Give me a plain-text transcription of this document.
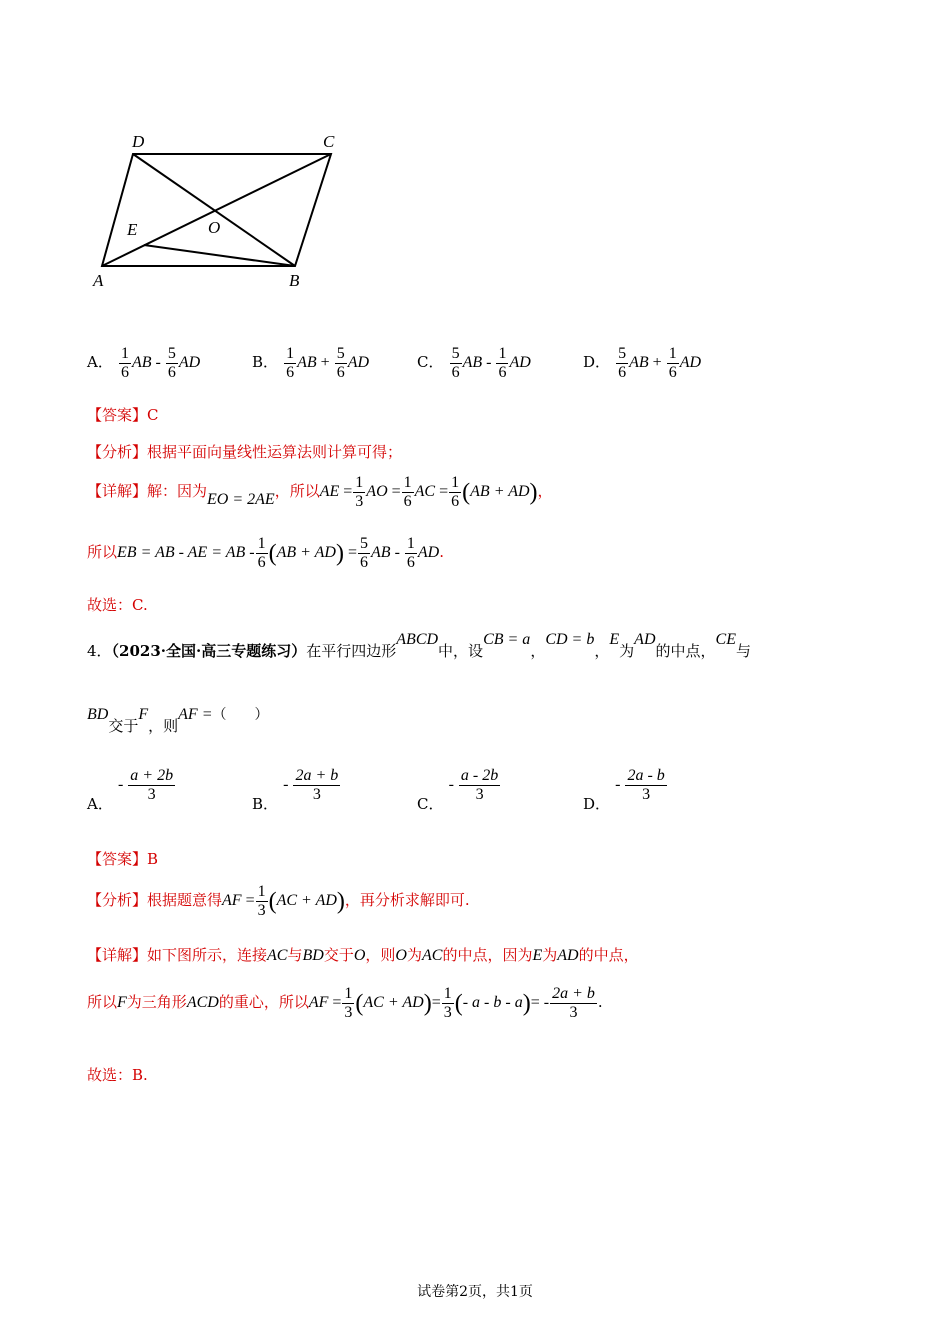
D	C
E	O
A	B
A． $\frac{1}{6}$ AB - $\frac{5}{6}$ AD	B． $\frac{1}{6}$ AB + $\frac{5}{6}$ AD	C． $\frac{5}{6}$ AB - $\frac{1}{6}$ AD	D． $\frac{5}{6}$ AB + $\frac{1}{6}$ AD
【答案】C
【分析】根据平面向量线性运算法则计算可得；
【详解】解：因为EO = 2AE，所以AE = $\frac{1}{3}$ AO = $\frac{1}{6}$ AC = $\frac{1}{6} (AB + AD)$，
所以EB = AB - AE = AB - $\frac{1}{6} (AB + AD) = \frac{5}{6}$ AB - $\frac{1}{6}$ AD.
故选：C.
4．（2023·全国·高三专题练习）在平行四边形ABCD中，设CB = a，CD = b，E为AD的中点，CE与
BD交于F，则AF =（　　）
A． - $\frac{a + 2b}{3}$
B． - $\frac{2a + b}{3}$
C． - $\frac{a - 2b}{3}$
D． - $\frac{2a - b}{3}$
【答案】B
【分析】根据题意得AF = $\frac{1}{3} (AC + AD)$，再分析求解即可.
【详解】如下图所示，连接AC与BD交于O，则O为AC的中点，因为E为AD的中点，
所以F为三角形ACD的重心，所以AF = $\frac{1}{3} (AC + AD)= \frac{1}{3}$ (- $a - b - a)= - \frac{2a + b}{3}$ .
故选：B.
试卷第2页，共1页
